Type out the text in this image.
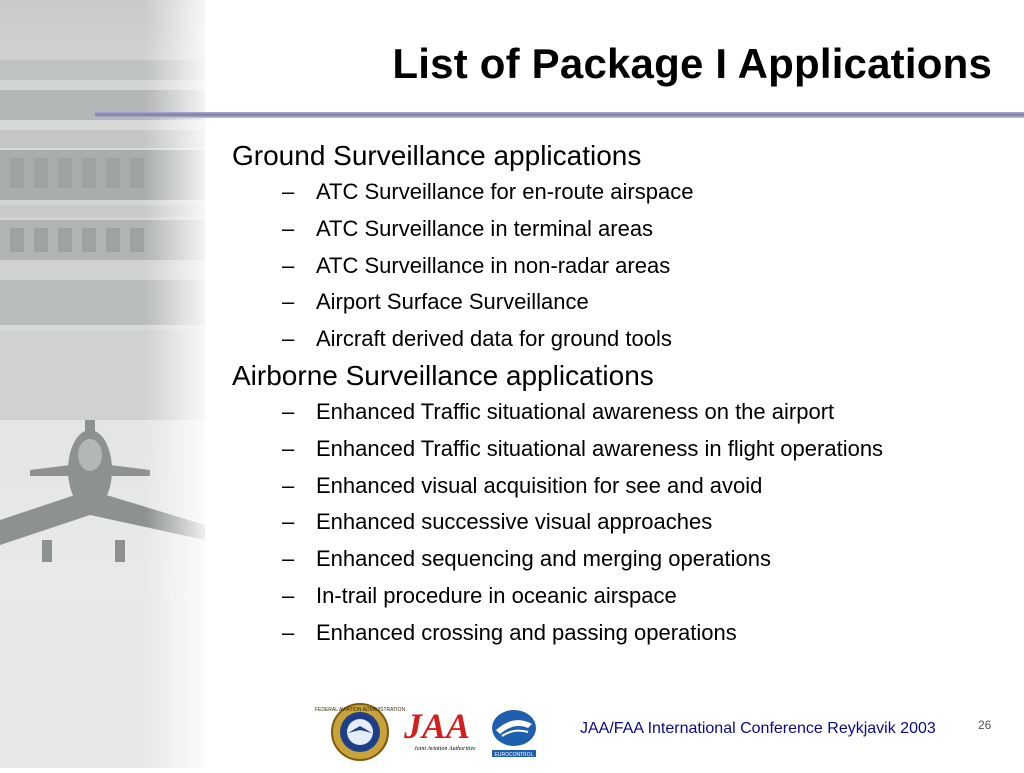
List of Package I Applications
Ground Surveillance applications
– ATC Surveillance for en-route airspace
– ATC Surveillance in terminal areas
– ATC Surveillance in non-radar areas
– Airport Surface Surveillance
– Aircraft derived data for ground tools
Airborne Surveillance applications
– Enhanced Traffic situational awareness on the airport
– Enhanced Traffic situational awareness in flight operations
– Enhanced visual acquisition for see and avoid
– Enhanced successive visual approaches
– Enhanced sequencing and merging operations
– In-trail procedure in oceanic airspace
– Enhanced crossing and passing operations
FEDERAL AVIATION ADMINISTRATION
JAA
Joint Aviation Authorities
EUROCONTROL
JAA/FAA International Conference Reykjavik 2003	26
